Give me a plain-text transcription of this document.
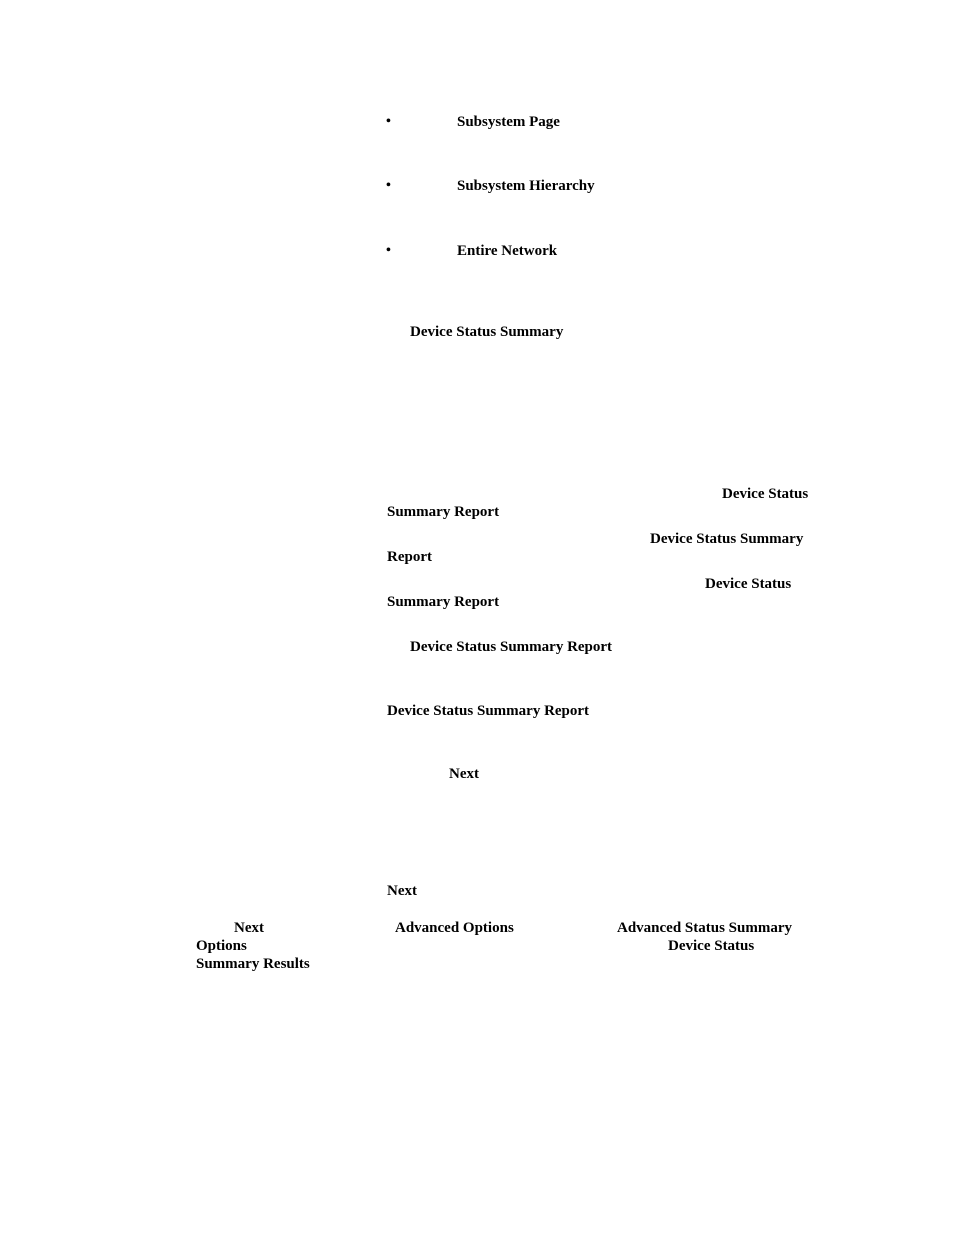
•	Subsystem Page
•	Subsystem Hierarchy
•	Entire Network
Device Status Summary
Device Status
Summary Report
Device Status Summary
Report
Device Status
Summary Report
Device Status Summary Report
Device Status Summary Report
Next
Next
Next	Advanced Options	Advanced Status Summary
Options	Device Status
Summary Results
